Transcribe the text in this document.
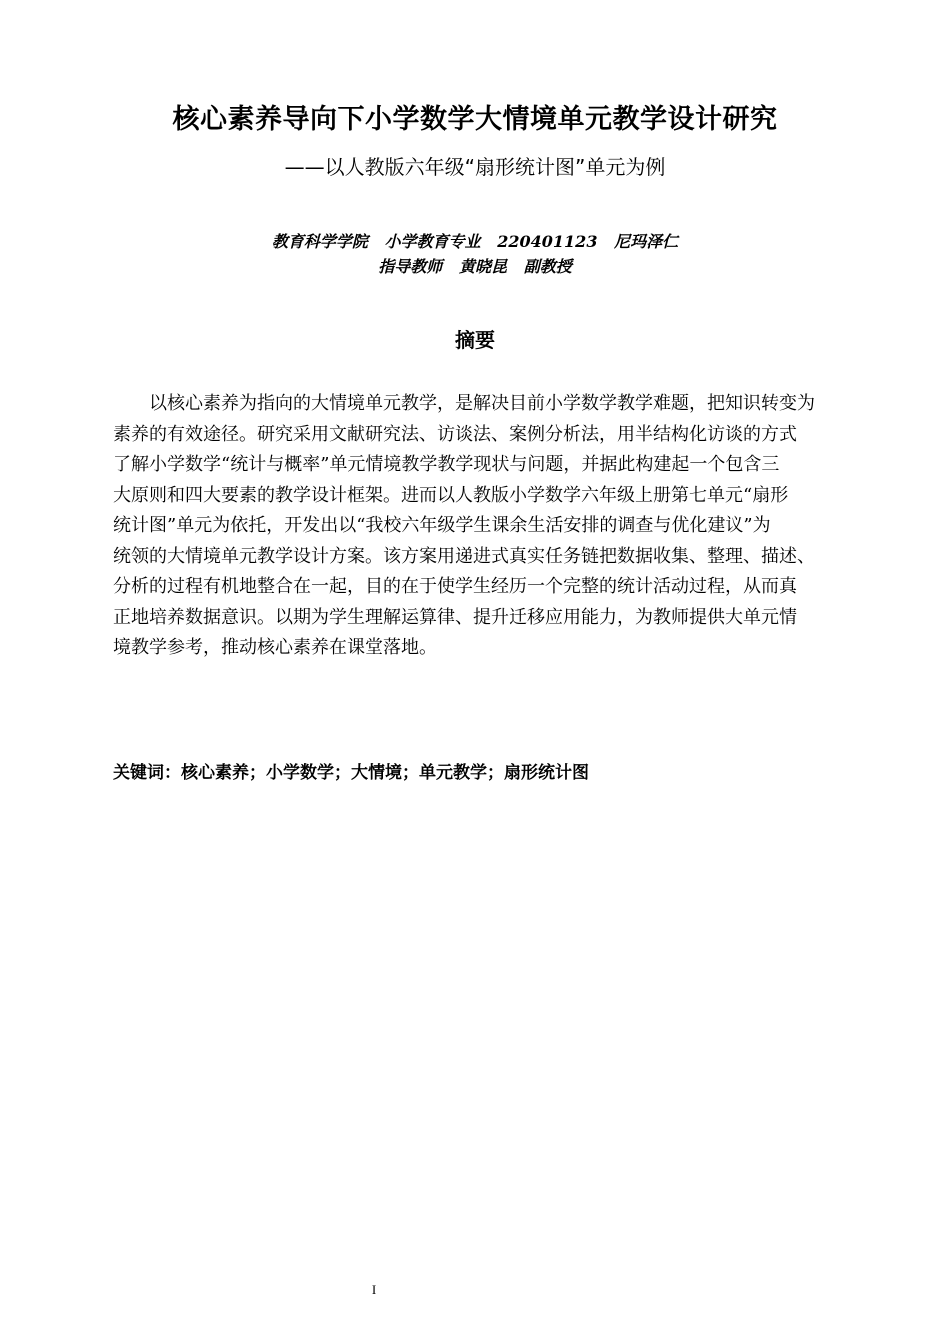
核心素养导向下小学数学大情境单元教学设计研究
——以人教版六年级“扇形统计图”单元为例
教育科学学院   小学教育专业   220401123   尼玛泽仁
指导教师   黄晓昆   副教授
摘要
以核心素养为指向的大情境单元教学，是解决目前小学数学教学难题，把知识转变为
素养的有效途径。研究采用文献研究法、访谈法、案例分析法，用半结构化访谈的方式
了解小学数学“统计与概率”单元情境教学教学现状与问题，并据此构建起一个包含三
大原则和四大要素的教学设计框架。进而以人教版小学数学六年级上册第七单元“扇形
统计图”单元为依托，开发出以“我校六年级学生课余生活安排的调查与优化建议”为
统领的大情境单元教学设计方案。该方案用递进式真实任务链把数据收集、整理、描述、
分析的过程有机地整合在一起，目的在于使学生经历一个完整的统计活动过程，从而真
正地培养数据意识。以期为学生理解运算律、提升迁移应用能力，为教师提供大单元情
境教学参考，推动核心素养在课堂落地。
关键词：核心素养；小学数学；大情境；单元教学；扇形统计图
I
